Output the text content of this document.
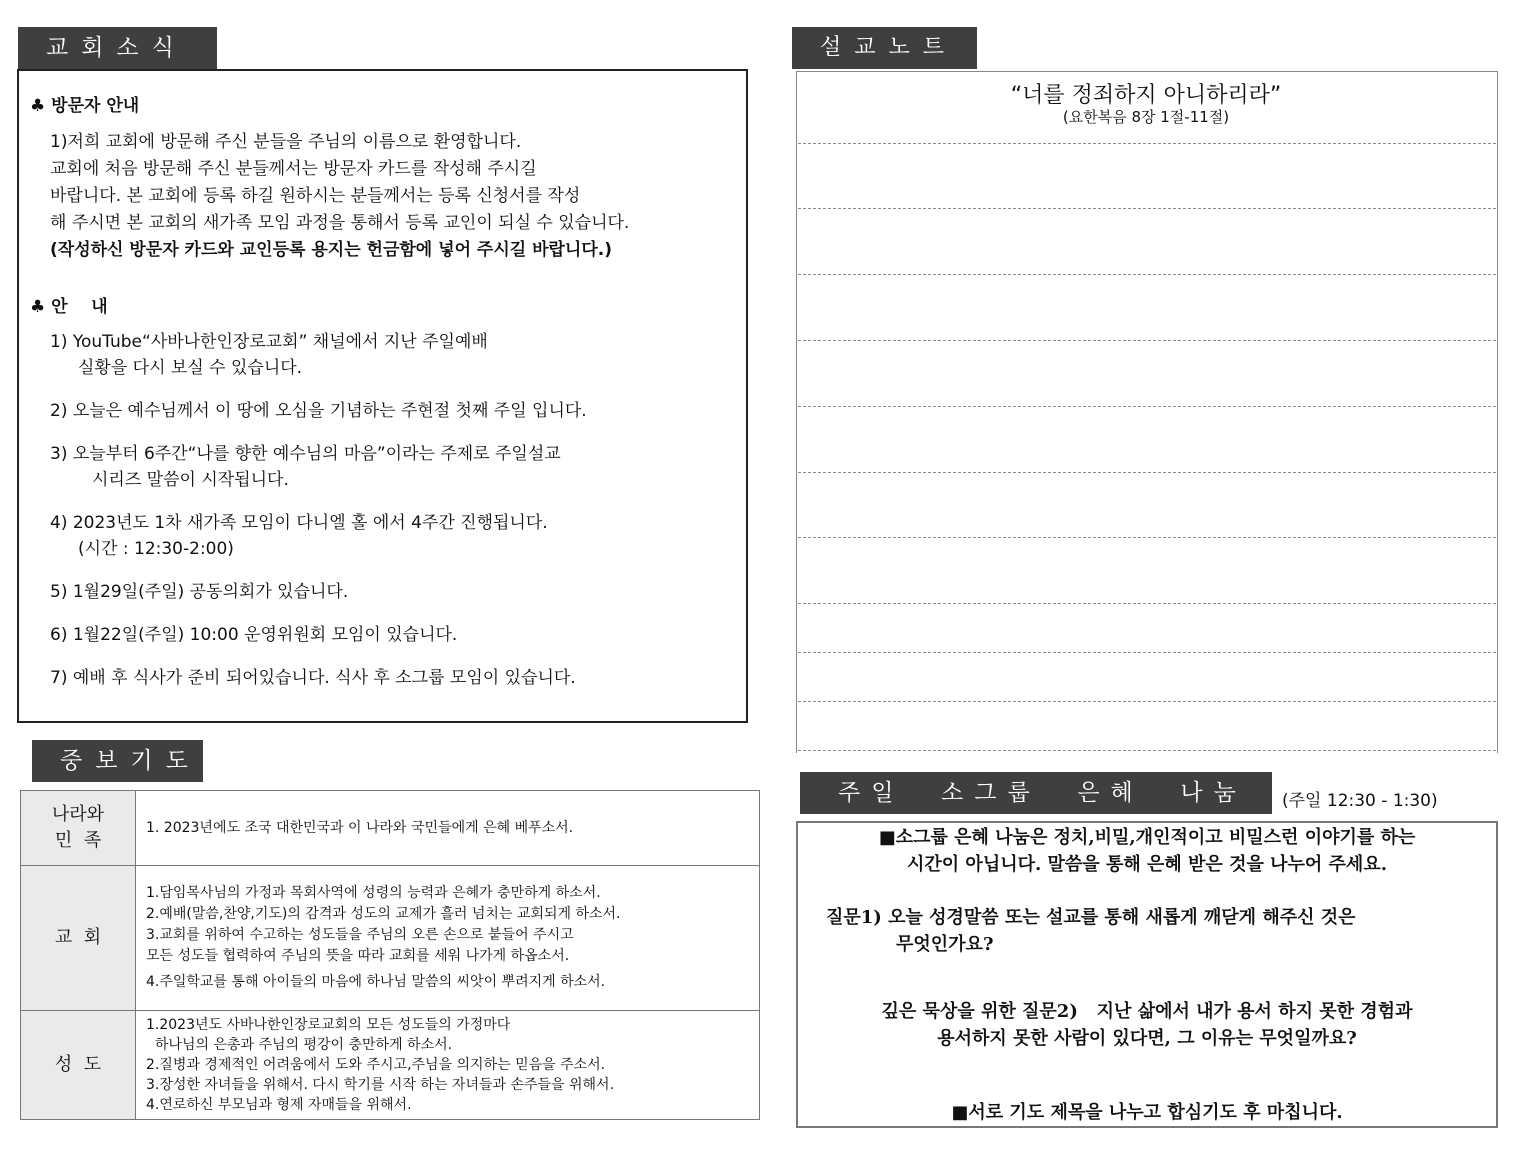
교회소식
♣ 방문자 안내
1)저희 교회에 방문해 주신 분들을 주님의 이름으로 환영합니다.
교회에 처음 방문해 주신 분들께서는 방문자 카드를 작성해 주시길
바랍니다. 본 교회에 등록 하길 원하시는 분들께서는 등록 신청서를 작성
해 주시면 본 교회의 새가족 모임 과정을 통해서 등록 교인이 되실 수 있습니다.
(작성하신 방문자 카드와 교인등록 용지는 헌금함에 넣어 주시길 바랍니다.)
♣ 안    내
1) YouTube“사바나한인장로교회” 채널에서 지난 주일예배
실황을 다시 보실 수 있습니다.
2) 오늘은 예수님께서 이 땅에 오심을 기념하는 주현절 첫째 주일 입니다.
3) 오늘부터 6주간“나를 향한 예수님의 마음”이라는 주제로 주일설교
시리즈 말씀이 시작됩니다.
4) 2023년도 1차 새가족 모임이 다니엘 홀 에서 4주간 진행됩니다.
(시간 : 12:30-2:00)
5) 1월29일(주일) 공동의회가 있습니다.
6) 1월22일(주일) 10:00 운영위원회 모임이 있습니다.
7) 예배 후 식사가 준비 되어있습니다. 식사 후 소그룹 모임이 있습니다.
중보기도
나라와
민  족	1. 2023년에도 조국 대한민국과 이 나라와 국민들에게 은혜 베푸소서.

교  회	1.담임목사님의 가정과 목회사역에 성령의 능력과 은혜가 충만하게 하소서.
2.예배(말씀,찬양,기도)의 감격과 성도의 교제가 흘러 넘치는 교회되게 하소서.
3.교회를 위하여 수고하는 성도들을 주님의 오른 손으로 붙들어 주시고
모든 성도들 협력하여 주님의 뜻을 따라 교회를 세워 나가게 하옵소서.
4.주일학교를 통해 아이들의 마음에 하나님 말씀의 씨앗이 뿌려지게 하소서.

성  도	1.2023년도 사바나한인장로교회의 모든 성도들의 가정마다
하나님의 은총과 주님의 평강이 충만하게 하소서.
2.질병과 경제적인 어려움에서 도와 주시고,주님을 의지하는 믿음을 주소서.
3.장성한 자녀들을 위해서. 다시 학기를 시작 하는 자녀들과 손주들을 위해서.
4.연로하신 부모님과 형제 자매들을 위해서.
설교노트
“너를 정죄하지 아니하리라”
(요한복음 8장 1절-11절)
주일  소그룹  은혜  나눔	(주일 12:30 - 1:30)
■소그룹 은혜 나눔은 정치,비밀,개인적이고 비밀스런 이야기를 하는
시간이 아닙니다. 말씀을 통해 은혜 받은 것을 나누어 주세요.
질문1) 오늘 성경말씀 또는 설교를 통해 새롭게 깨닫게 해주신 것은
무엇인가요?
깊은 묵상을 위한 질문2)   지난 삶에서 내가 용서 하지 못한 경험과
용서하지 못한 사람이 있다면, 그 이유는 무엇일까요?
■서로 기도 제목을 나누고 합심기도 후 마칩니다.
